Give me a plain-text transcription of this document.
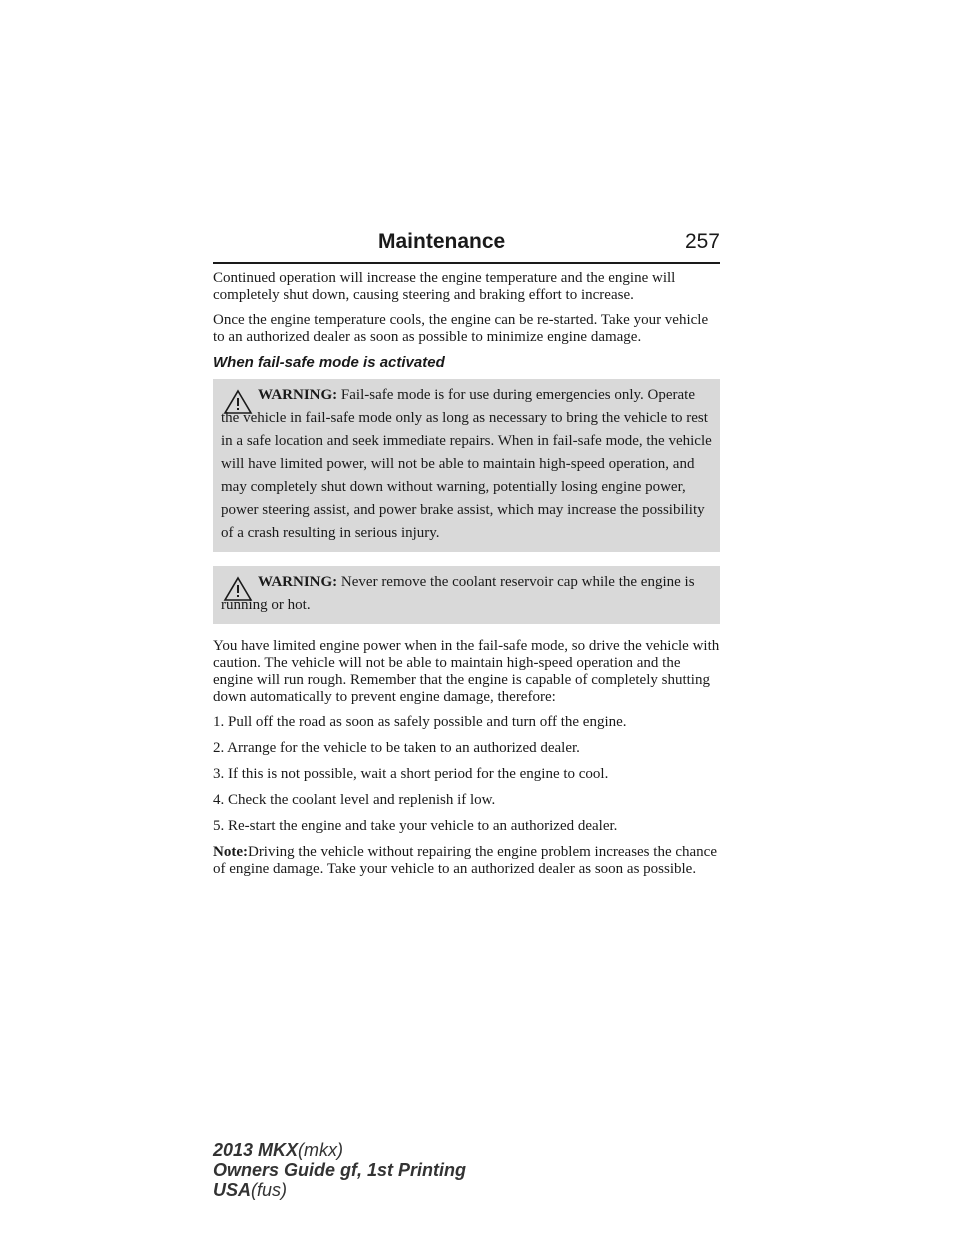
Maintenance	257

Continued operation will increase the engine temperature and the engine will completely shut down, causing steering and braking effort to increase.

Once the engine temperature cools, the engine can be re-started. Take your vehicle to an authorized dealer as soon as possible to minimize engine damage.

When fail-safe mode is activated

WARNING: Fail-safe mode is for use during emergencies only. Operate the vehicle in fail-safe mode only as long as necessary to bring the vehicle to rest in a safe location and seek immediate repairs. When in fail-safe mode, the vehicle will have limited power, will not be able to maintain high-speed operation, and may completely shut down without warning, potentially losing engine power, power steering assist, and power brake assist, which may increase the possibility of a crash resulting in serious injury.
WARNING: Never remove the coolant reservoir cap while the engine is running or hot.

You have limited engine power when in the fail-safe mode, so drive the vehicle with caution. The vehicle will not be able to maintain high-speed operation and the engine will run rough. Remember that the engine is capable of completely shutting down automatically to prevent engine damage, therefore:

1. Pull off the road as soon as safely possible and turn off the engine.

2. Arrange for the vehicle to be taken to an authorized dealer.

3. If this is not possible, wait a short period for the engine to cool.

4. Check the coolant level and replenish if low.

5. Re-start the engine and take your vehicle to an authorized dealer.

Note:Driving the vehicle without repairing the engine problem increases the chance of engine damage. Take your vehicle to an authorized dealer as soon as possible.

2013 MKX(mkx)
Owners Guide gf, 1st Printing
USA(fus)
